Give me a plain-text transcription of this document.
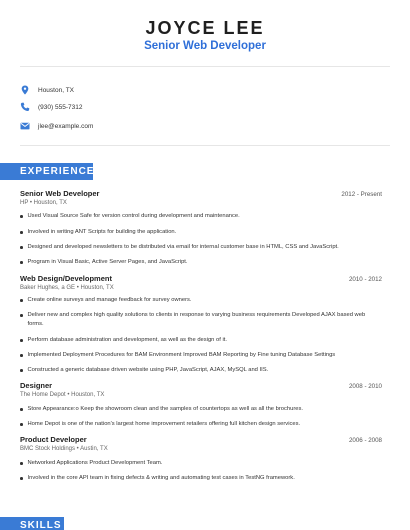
JOYCE LEE
Senior Web Developer
Houston, TX
(930) 555-7312
jlee@example.com
EXPERIENCE
Senior Web Developer	2012 - Present
HP • Houston, TX
Used Visual Source Safe for version control during development and maintenance.
Involved in writing ANT Scripts for building the application.
Designed and developed newsletters to be distributed via email for internal customer base in HTML, CSS and JavaScript.
Program in Visual Basic, Active Server Pages, and JavaScript.
Web Design/Development	2010 - 2012
Baker Hughes, a GE • Houston, TX
Create online surveys and manage feedback for survey owners.
Deliver new and complex high quality solutions to clients in response to varying business requirements Developed AJAX based web forms.
Perform database administration and development, as well as the design of it.
Implemented Deployment Procedures for BAM Environment Improved BAM Reporting by Fine tuning Database Settings
Constructed a generic database driven website using PHP, JavaScript, AJAX, MySQL and IIS.
Designer	2008 - 2010
The Home Depot • Houston, TX
Store Appearance:o Keep the showroom clean and the samples of countertops as well as all the brochures.
Home Depot is one of the nation's largest home improvement retailers offering full kitchen design services.
Product Developer	2006 - 2008
BMC Stock Holdings • Austin, TX
Networked Applications Product Development Team.
Involved in the core API team in fixing defects & writing and automating test cases in TestNG framework.
SKILLS
